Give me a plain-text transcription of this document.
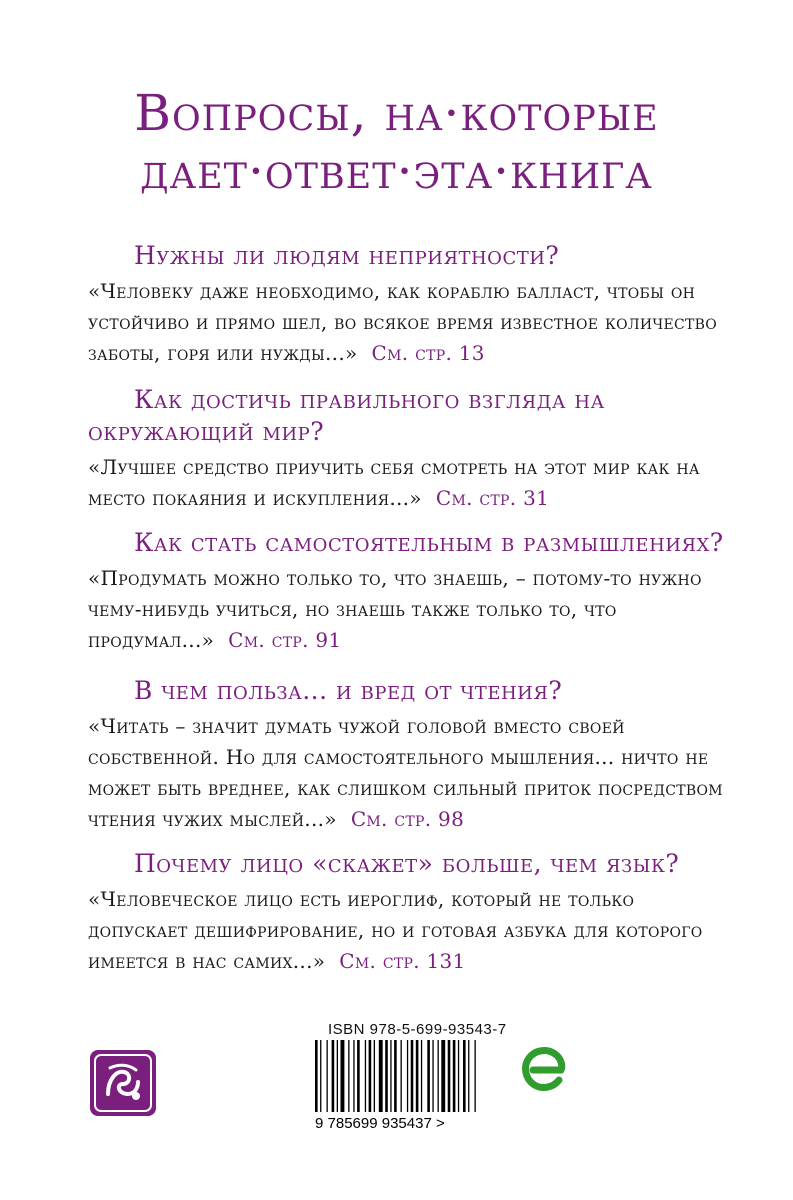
Вопросы, на·которые
дает·ответ·эта·книга
Нужны ли людям неприятности?

«Человеку даже необходимо, как кораблю балласт, чтобы он устойчиво и прямо шел, во всякое время известное количество заботы, горя или нужды...» См. стр. 13

Как достичь правильного взгляда на окружающий мир?

«Лучшее средство приучить себя смотреть на этот мир как на место покаяния и искупления...» См. стр. 31

Как стать самостоятельным в размышлениях?

«Продумать можно только то, что знаешь, – потому-то нужно чему-нибудь учиться, но знаешь также только то, что продумал...» См. стр. 91

В чем польза... и вред от чтения?

«Читать – значит думать чужой головой вместо своей собственной. Но для самостоятельного мышления... ничто не может быть вреднее, как слишком сильный приток посредством чтения чужих мыслей...» См. стр. 98

Почему лицо «скажет» больше, чем язык?

«Человеческое лицо есть иероглиф, который не только допускает дешифрирование, но и готовая азбука для которого имеется в нас самих...» См. стр. 131

ISBN 978-5-699-93543-7
9 785699 935437 >
